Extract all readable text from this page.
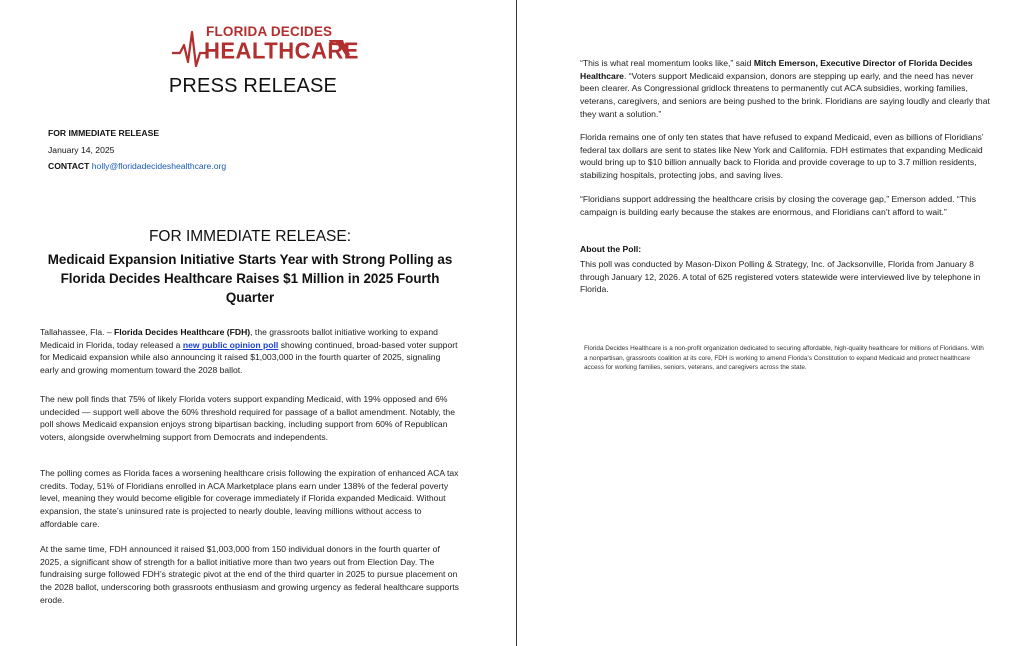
FLORIDA DECIDES
HEALTHCARE
PRESS RELEASE
FOR IMMEDIATE RELEASE
January 14, 2025
CONTACT holly@floridadecideshealthcare.org
FOR IMMEDIATE RELEASE:
Medicaid Expansion Initiative Starts Year with Strong Polling as Florida Decides Healthcare Raises $1 Million in 2025 Fourth Quarter
Tallahassee, Fla. – Florida Decides Healthcare (FDH), the grassroots ballot initiative working to expand Medicaid in Florida, today released a new public opinion poll showing continued, broad-based voter support for Medicaid expansion while also announcing it raised $1,003,000 in the fourth quarter of 2025, signaling early and growing momentum toward the 2028 ballot.
The new poll finds that 75% of likely Florida voters support expanding Medicaid, with 19% opposed and 6% undecided — support well above the 60% threshold required for passage of a ballot amendment. Notably, the poll shows Medicaid expansion enjoys strong bipartisan backing, including support from 60% of Republican voters, alongside overwhelming support from Democrats and independents.
The polling comes as Florida faces a worsening healthcare crisis following the expiration of enhanced ACA tax credits. Today, 51% of Floridians enrolled in ACA Marketplace plans earn under 138% of the federal poverty level, meaning they would become eligible for coverage immediately if Florida expanded Medicaid. Without expansion, the state’s uninsured rate is projected to nearly double, leaving millions without access to affordable care.
At the same time, FDH announced it raised $1,003,000 from 150 individual donors in the fourth quarter of 2025, a significant show of strength for a ballot initiative more than two years out from Election Day. The fundraising surge followed FDH’s strategic pivot at the end of the third quarter in 2025 to pursue placement on the 2028 ballot, underscoring both grassroots enthusiasm and growing urgency as federal healthcare supports erode.
“This is what real momentum looks like,” said Mitch Emerson, Executive Director of Florida Decides Healthcare. “Voters support Medicaid expansion, donors are stepping up early, and the need has never been clearer. As Congressional gridlock threatens to permanently cut ACA subsidies, working families, veterans, caregivers, and seniors are being pushed to the brink. Floridians are saying loudly and clearly that they want a solution.”
Florida remains one of only ten states that have refused to expand Medicaid, even as billions of Floridians’ federal tax dollars are sent to states like New York and California. FDH estimates that expanding Medicaid would bring up to $10 billion annually back to Florida and provide coverage to up to 3.7 million residents, stabilizing hospitals, protecting jobs, and saving lives.
“Floridians support addressing the healthcare crisis by closing the coverage gap,” Emerson added. “This campaign is building early because the stakes are enormous, and Floridians can’t afford to wait.”
About the Poll:
This poll was conducted by Mason-Dixon Polling & Strategy, Inc. of Jacksonville, Florida from January 8 through January 12, 2026. A total of 625 registered voters statewide were interviewed live by telephone in Florida.
Florida Decides Healthcare is a non-profit organization dedicated to securing affordable, high-quality healthcare for millions of Floridians. With a nonpartisan, grassroots coalition at its core, FDH is working to amend Florida’s Constitution to expand Medicaid and protect healthcare access for working families, seniors, veterans, and caregivers across the state.
